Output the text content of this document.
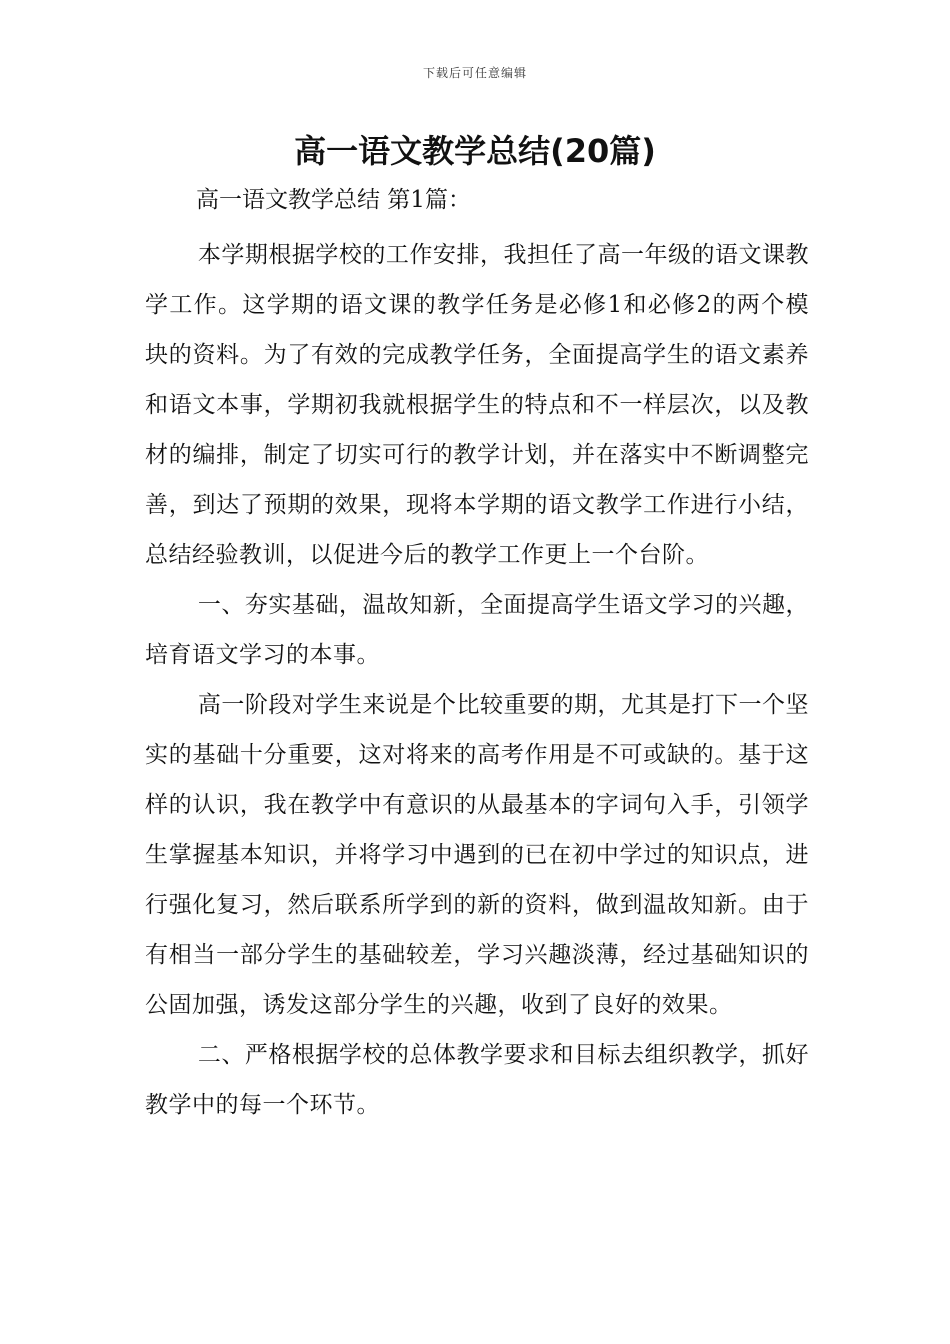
下载后可任意编辑
高一语文教学总结(20篇)
高一语文教学总结 第1篇：

本学期根据学校的工作安排，我担任了高一年级的语文课教学工作。这学期的语文课的教学任务是必修1和必修2的两个模块的资料。为了有效的完成教学任务，全面提高学生的语文素养和语文本事，学期初我就根据学生的特点和不一样层次，以及教材的编排，制定了切实可行的教学计划，并在落实中不断调整完善，到达了预期的效果，现将本学期的语文教学工作进行小结，总结经验教训，以促进今后的教学工作更上一个台阶。

一、夯实基础，温故知新，全面提高学生语文学习的兴趣，培育语文学习的本事。

高一阶段对学生来说是个比较重要的期，尤其是打下一个坚实的基础十分重要，这对将来的高考作用是不可或缺的。基于这样的认识，我在教学中有意识的从最基本的字词句入手，引领学生掌握基本知识，并将学习中遇到的已在初中学过的知识点，进行强化复习，然后联系所学到的新的资料，做到温故知新。由于有相当一部分学生的基础较差，学习兴趣淡薄，经过基础知识的公固加强，诱发这部分学生的兴趣，收到了良好的效果。

二、严格根据学校的总体教学要求和目标去组织教学，抓好教学中的每一个环节。
